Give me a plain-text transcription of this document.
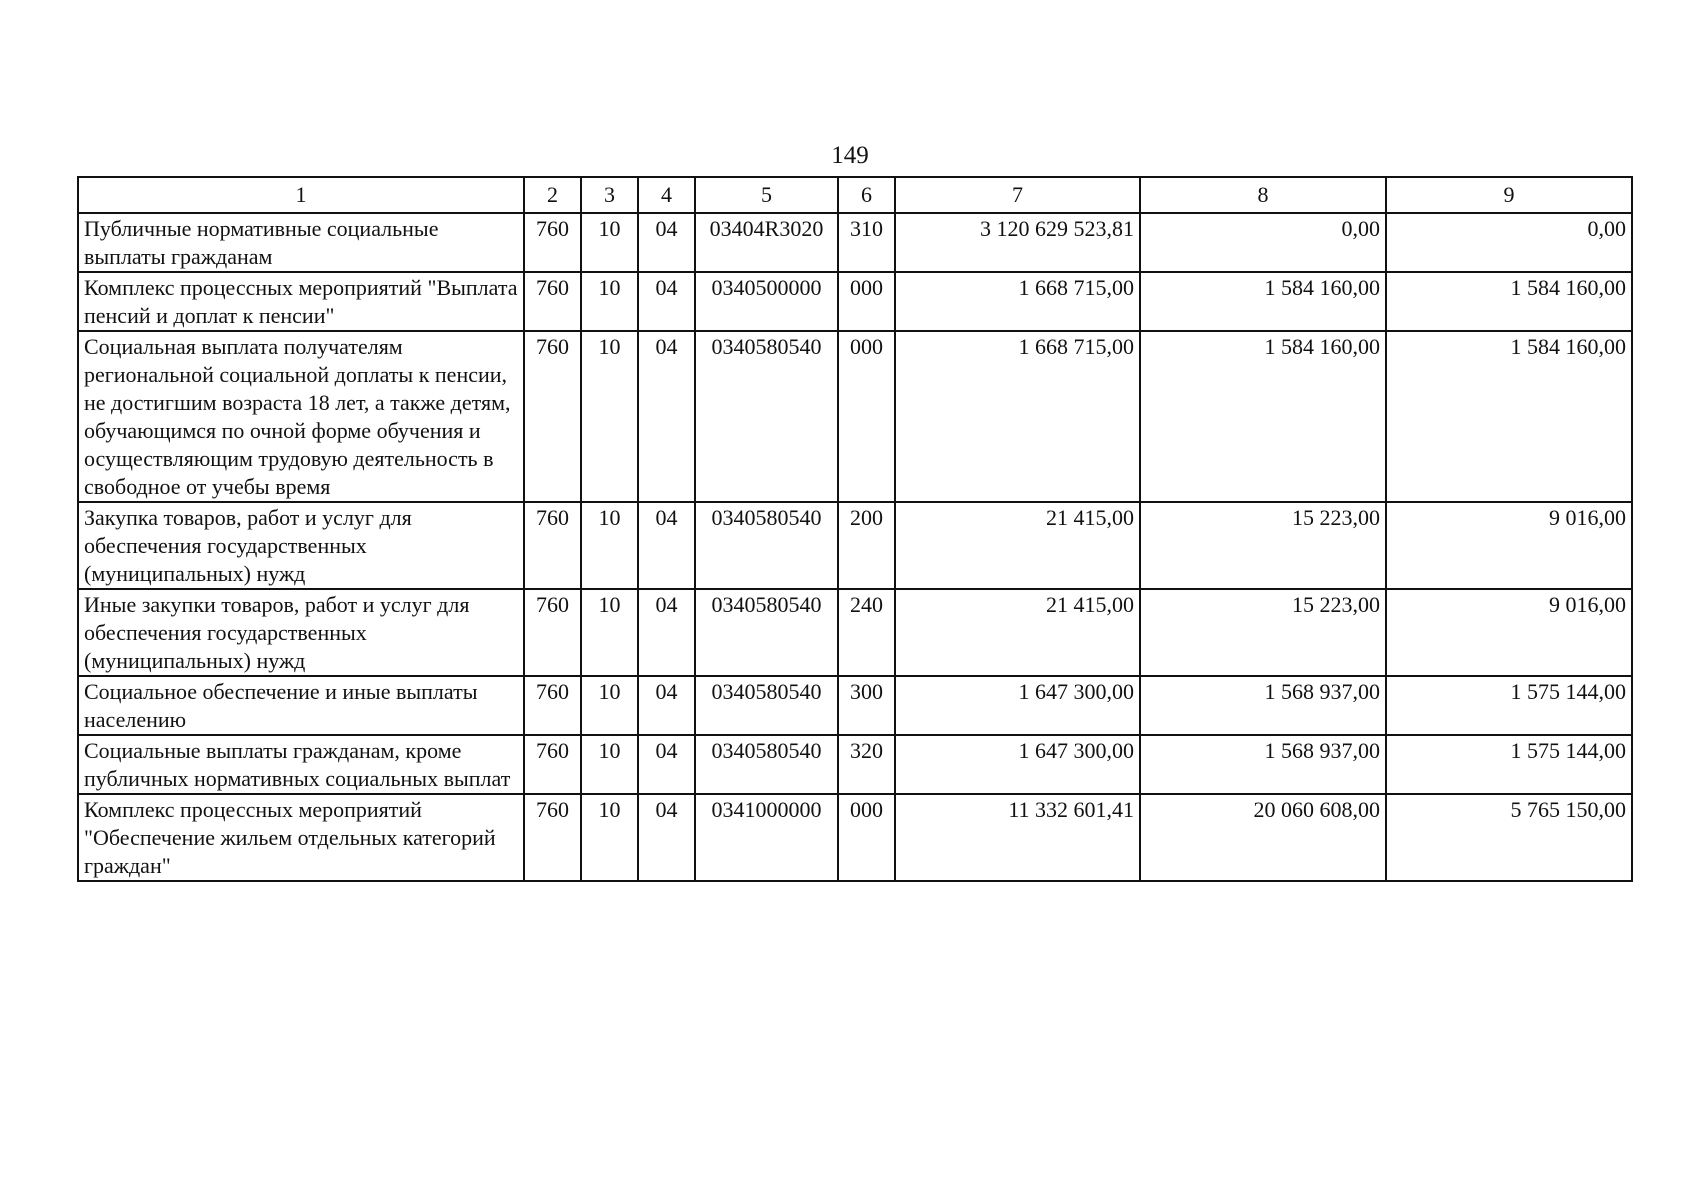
149
1	2	3	4	5	6	7	8	9
Публичные нормативные социальные выплаты гражданам	760	10	04	03404R3020	310	3 120 629 523,81	0,00	0,00
Комплекс процессных мероприятий "Выплата пенсий и доплат к пенсии"	760	10	04	0340500000	000	1 668 715,00	1 584 160,00	1 584 160,00
Социальная выплата получателям региональной социальной доплаты к пенсии, не достигшим возраста 18 лет, а также детям, обучающимся по очной форме обучения и осуществляющим трудовую деятельность в свободное от учебы время	760	10	04	0340580540	000	1 668 715,00	1 584 160,00	1 584 160,00
Закупка товаров, работ и услуг для обеспечения государственных (муниципальных) нужд	760	10	04	0340580540	200	21 415,00	15 223,00	9 016,00
Иные закупки товаров, работ и услуг для обеспечения государственных (муниципальных) нужд	760	10	04	0340580540	240	21 415,00	15 223,00	9 016,00
Социальное обеспечение и иные выплаты населению	760	10	04	0340580540	300	1 647 300,00	1 568 937,00	1 575 144,00
Социальные выплаты гражданам, кроме публичных нормативных социальных выплат	760	10	04	0340580540	320	1 647 300,00	1 568 937,00	1 575 144,00
Комплекс процессных мероприятий "Обеспечение жильем отдельных категорий граждан"	760	10	04	0341000000	000	11 332 601,41	20 060 608,00	5 765 150,00
